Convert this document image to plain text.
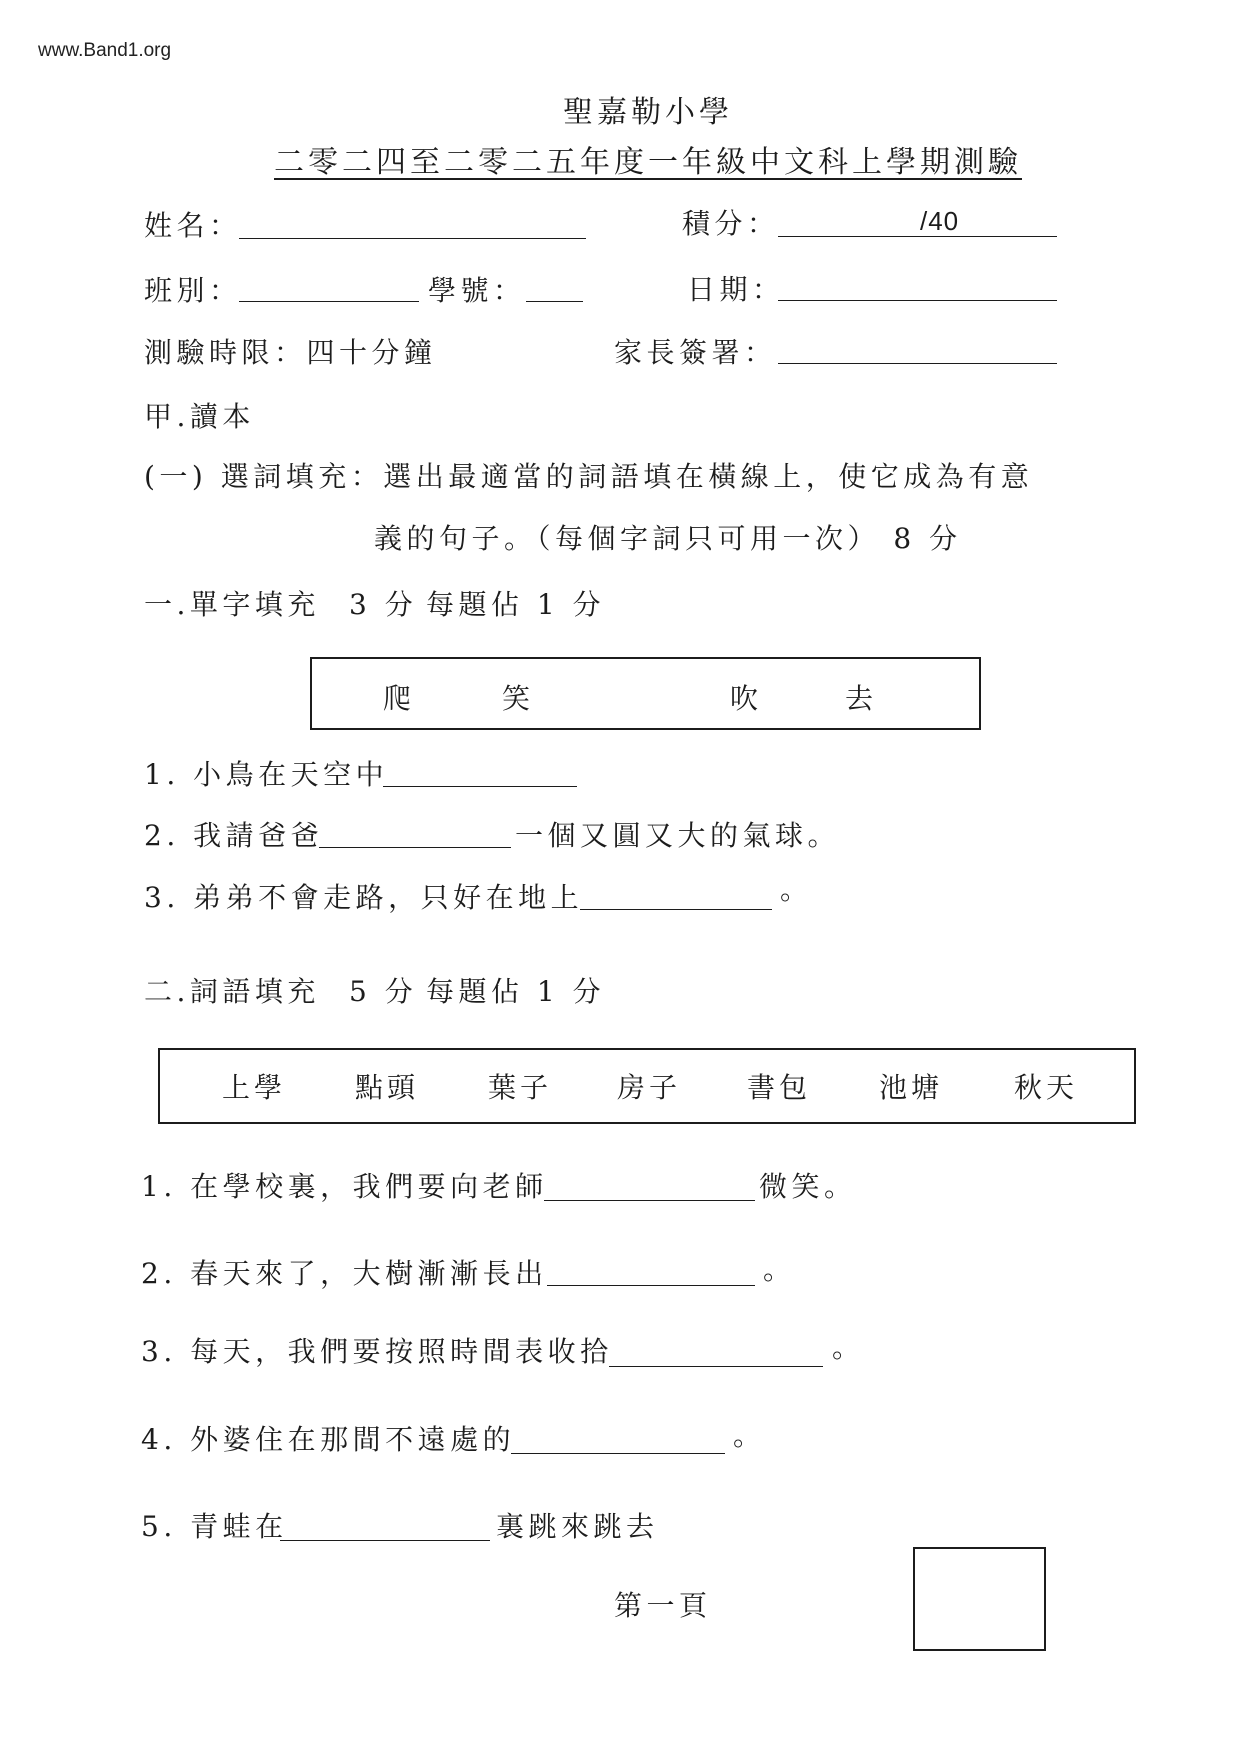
www.Band1.org
聖嘉勒小學
二零二四至二零二五年度一年級中文科上學期測驗
姓名：	積分：	/40
班別：	學號：	日期：
測驗時限：四十分鐘	家長簽署：
甲.讀本
(一) 選詞填充：選出最適當的詞語填在橫線上，使它成為有意
義的句子。（每個字詞只可用一次） 8 分
一.單字填充 3 分 每題佔 1 分
爬	笑	吹	去
1. 小鳥在天空中
2. 我請爸爸	一個又圓又大的氣球。
3. 弟弟不會走路，只好在地上	。
二.詞語填充 5 分 每題佔 1 分
上學 點頭 葉子 房子 書包 池塘	秋天
1. 在學校裏，我們要向老師	微笑。
2. 春天來了，大樹漸漸長出	。
3. 每天，我們要按照時間表收拾	。
4. 外婆住在那間不遠處的	。
5. 青蛙在	裏跳來跳去
第一頁
